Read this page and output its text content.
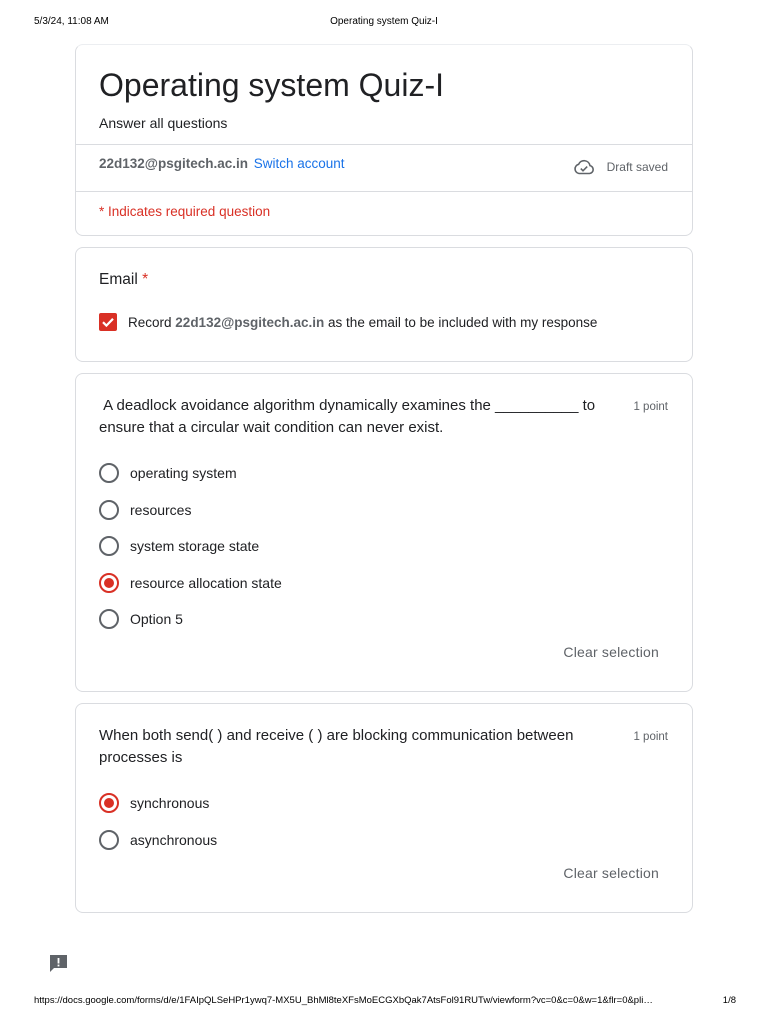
5/3/24, 11:08 AM	Operating system Quiz-I
Operating system Quiz-I
Answer all questions
22d132@psgitech.ac.in Switch account	Draft saved
* Indicates required question
Email *
Record
22d132@psgitech.ac.in
as the email to be included with my response
A deadlock avoidance algorithm dynamically examines the __________ to ensure that a circular wait condition can never exist.
1 point
operating system
resources
system storage state
resource allocation state
Option 5
Clear selection
When both send( ) and receive ( ) are blocking communication between processes is
1 point
synchronous
asynchronous
Clear selection
https://docs.google.com/forms/d/e/1FAIpQLSeHPr1ywq7-MX5U_BhMl8teXFsMoECGXbQak7AtsFol91RUTw/viewform?vc=0&c=0&w=1&flr=0&pli…	1/8
